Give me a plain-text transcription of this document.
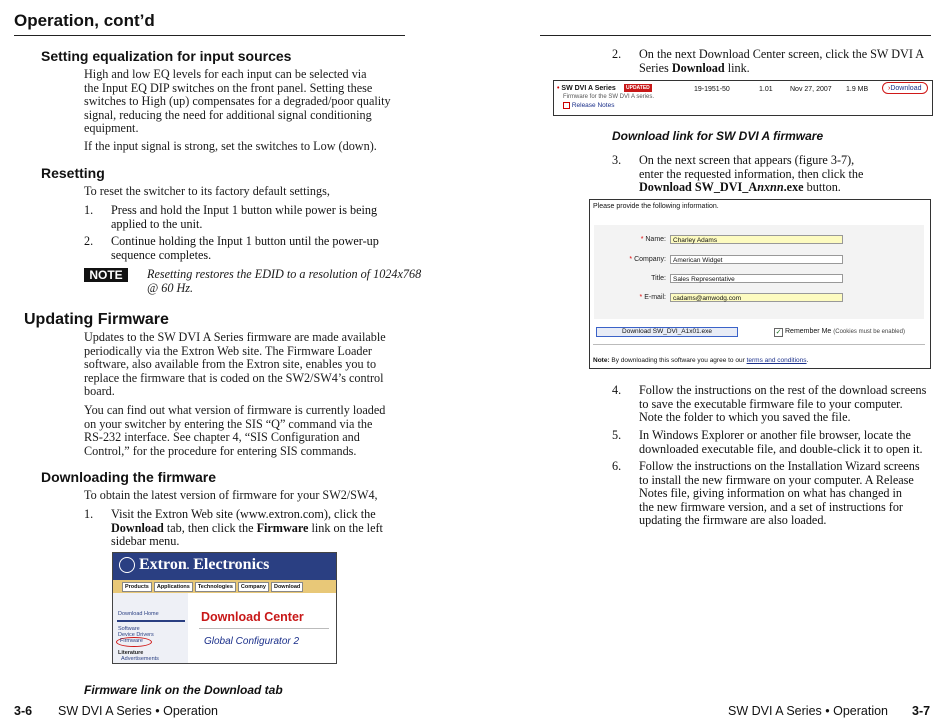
Operation, cont’d
Setting equalization for input sources
High and low EQ levels for each input can be selected via
the Input EQ DIP switches on the front panel. Setting these
switches to High (up) compensates for a degraded/poor quality
signal, reducing the need for additional signal conditioning
equipment.
If the input signal is strong, set the switches to Low (down).
Resetting
To reset the switcher to its factory default settings,
1. Press and hold the Input 1 button while power is being
applied to the unit.
2. Continue holding the Input 1 button until the power-up
sequence completes.
NOTE	Resetting restores the EDID to a resolution of 1024x768
@ 60 Hz.
Updating Firmware
Updates to the SW DVI A Series firmware are made available
periodically via the Extron Web site. The Firmware Loader
software, also available from the Extron site, enables you to
replace the firmware that is coded on the SW2/SW4’s control
board.
You can find out what version of firmware is currently loaded
on your switcher by entering the SIS “Q” command via the
RS-232 interface. See chapter 4, “SIS Configuration and
Control,” for the procedure for entering SIS commands.
Downloading the firmware
To obtain the latest version of firmware for your SW2/SW4,
1. Visit the Extron Web site (www.extron.com), click the
Download tab, then click the Firmware link on the left
sidebar menu.
Extron. Electronics
Products	Applications	Technologies	Company	Download
Download Home
Software
Device Drivers
Firmware
Literature
Advertisements
Download Center
Global Configurator 2
Firmware link on the Download tab
3-6 SW DVI A Series • Operation
2. On the next Download Center screen, click the SW DVI A
Series Download link.
• SW DVI A Series	UPDATED
Firmware for the SW DVI A series.
Release Notes
19-1951-50	1.01 Nov 27, 2007 1.9 MB	›Download
Download link for SW DVI A firmware
3. On the next screen that appears (figure 3-7),
enter the requested information, then click the
Download SW_DVI_Anxnn.exe button.
Please provide the following information.
* Name:	Charley Adams
* Company:	American Widget
Title:	Sales Representative
* E-mail:	cadams@amwodg.com
Download SW_DVI_A1x01.exe	✓ Remember Me (Cookies must be enabled)
Note: By downloading this software you agree to our terms and conditions.
4. Follow the instructions on the rest of the download screens
to save the executable firmware file to your computer.
Note the folder to which you saved the file.
5. In Windows Explorer or another file browser, locate the
downloaded executable file, and double-click it to open it.
6. Follow the instructions on the Installation Wizard screens
to install the new firmware on your computer. A Release
Notes file, giving information on what has changed in
the new firmware version, and a set of instructions for
updating the firmware are also loaded.
SW DVI A Series • Operation 3-7
